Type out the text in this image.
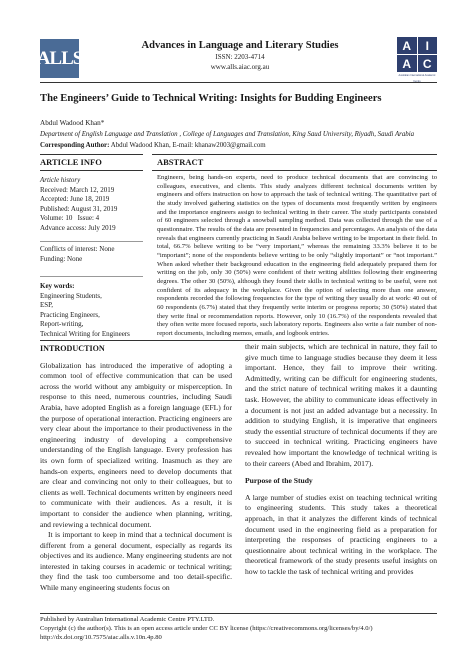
ALLS
Advances in Language and Literary Studies
ISSN: 2203-4714
www.alls.aiac.org.au
A	I
A C
Australian International Academic
The Engineers’ Guide to Technical Writing: Insights for Budding Engineers
Abdul Wadood Khan*
Department of English Language and Translation , College of Languages and Translation, King Saud University, Riyadh, Saudi Arabia
Corresponding Author: Abdul Wadood Khan, E-mail: khanaw2003@gmail.com
ARTICLE INFO
Article history
Received: March 12, 2019
Accepted: June 18, 2019
Published: August 31, 2019
Volume: 10   Issue: 4
Advance access: July 2019
Conflicts of interest: None
Funding: None
Key words:
Engineering Students,
ESP,
Practicing Engineers,
Report-writing,
Technical Writing for Engineers
ABSTRACT
Engineers, being hands-on experts, need to produce technical documents that are convincing to colleagues, executives, and clients. This study analyzes different technical documents written by engineers and offers instruction on how to approach the task of technical writing. The quantitative part of the study involved gathering statistics on the types of documents most frequently written by engineers and the importance engineers assign to technical writing in their career. The study participants consisted of 60 engineers selected through a snowball sampling method. Data was collected through the use of a questionnaire. The results of the data are presented in frequencies and percentages. An analysis of the data reveals that engineers currently practicing in Saudi Arabia believe writing to be important in their field. In total, 66.7% believe writing to be “very important,” whereas the remaining 33.3% believe it to be “important”; none of the respondents believe writing to be only “slightly important” or “not important.” When asked whether their background education in the engineering field adequately prepared them for writing on the job, only 30 (50%) were confident of their writing abilities following their engineering degrees. The other 30 (50%), although they found their skills in technical writing to be useful, were not confident of its adequacy in the workplace. Given the option of selecting more than one answer, respondents recorded the following frequencies for the type of writing they usually do at work: 40 out of 60 respondents (6.7%) stated that they frequently write interim or progress reports; 30 (50%) stated that they write final or recommendation reports. However, only 10 (16.7%) of the respondents revealed that they often write more focused reports, such laboratory reports. Engineers also write a fair number of non-report documents, including memos, emails, and logbook entries.
INTRODUCTION

Globalization has introduced the imperative of adopting a common tool of effective communication that can be used across the world without any ambiguity or misperception. In response to this need, numerous countries, including Saudi Arabia, have adopted English as a foreign language (EFL) for the purpose of operational interaction. Practicing engineers are very clear about the importance to their productiveness in the engineering industry of developing a comprehensive understanding of the English language. Every profession has its own form of specialized writing. Inasmuch as they are hands-on experts, engineers need to develop documents that are clear and convincing not only to their colleagues, but to clients as well. Technical documents written by engineers need to communicate with their audiences. As a result, it is important to consider the audience when planning, writing, and reviewing a technical document.

It is important to keep in mind that a technical document is different from a general document, especially as regards its objectives and its audience. Many engineering students are not interested in taking courses in academic or technical writing; they find the task too cumbersome and too detail-specific. While many engineering students focus on

their main subjects, which are technical in nature, they fail to give much time to language studies because they deem it less important. Hence, they fail to improve their writing. Admittedly, writing can be difficult for engineering students, and the strict nature of technical writing makes it a daunting task. However, the ability to communicate ideas effectively in a document is not just an added advantage but a necessity. In addition to studying English, it is imperative that engineers study the essential structure of technical documents if they are to succeed in technical writing. Practicing engineers have revealed how important the knowledge of technical writing is to their careers (Abed and Ibrahim, 2017).

Purpose of the Study

A large number of studies exist on teaching technical writing to engineering students. This study takes a theoretical approach, in that it analyzes the different kinds of technical document used in the engineering field as a preparation for interpreting the responses of practicing engineers to a questionnaire about technical writing in the workplace. The theoretical framework of the study presents useful insights on how to tackle the task of technical writing and provides

Published by Australian International Academic Centre PTY.LTD.
Copyright (c) the author(s). This is an open access article under CC BY license (https://creativecommons.org/licenses/by/4.0/)
http://dx.doi.org/10.7575/aiac.alls.v.10n.4p.80
